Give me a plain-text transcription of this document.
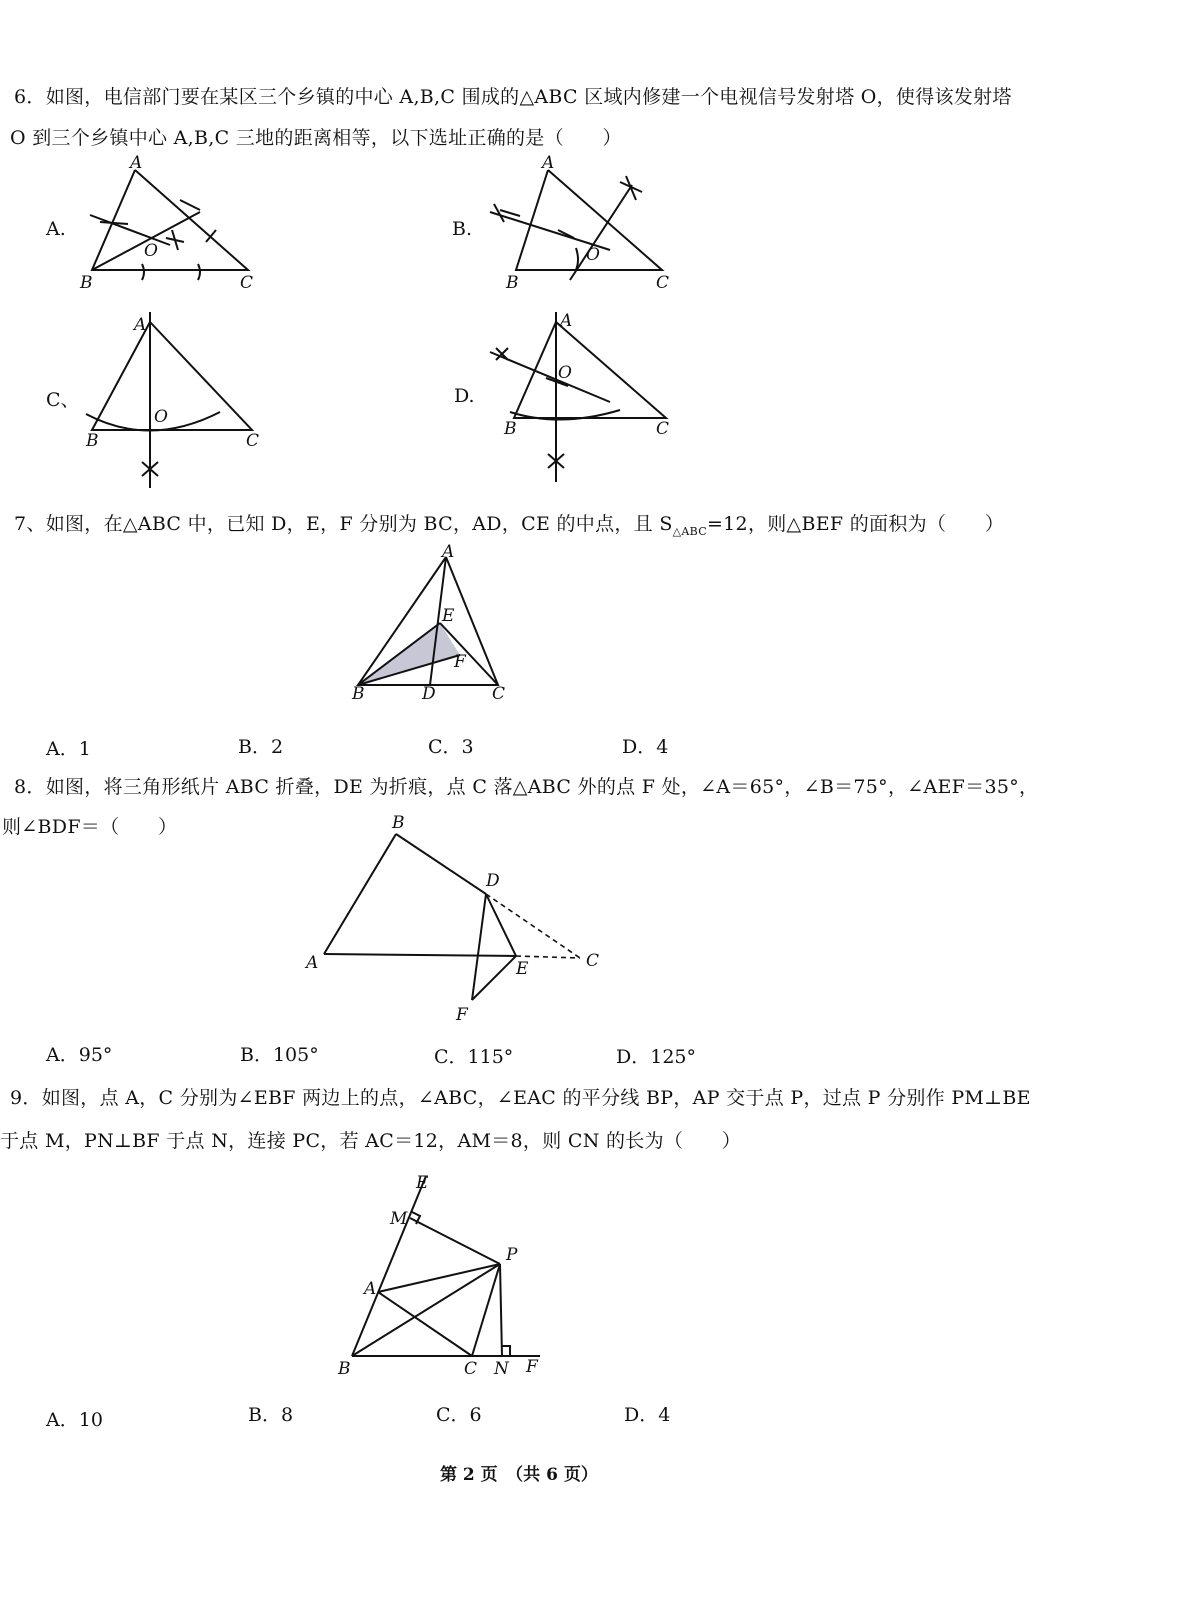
6．如图，电信部门要在某区三个乡镇的中心 A,B,C 围成的△ABC 区域内修建一个电视信号发射塔 O，使得该发射塔
O 到三个乡镇中心 A,B,C 三地的距离相等，以下选址正确的是（　　）
A.	B.
C、	D.
A
B	C
O
A
B	C
O
A
B	C
O
A
B	C
O
7、如图，在△ABC 中，已知 D，E，F 分别为 BC，AD，CE 的中点，且 $S_{\triangle ABC}=12$，则△BEF 的面积为（　　）
A
B	C
D
E
F
A．1	B．2	C．3	D．4
8．如图，将三角形纸片 ABC 折叠，DE 为折痕，点 C 落△ABC 外的点 F 处，∠A＝65°，∠B＝75°，∠AEF＝35°，
则∠BDF＝（　　）	B
A
D
E	C
F
A．95°	B．105°	C．115°	D．125°
9．如图，点 A，C 分别为∠EBF 两边上的点，∠ABC，∠EAC 的平分线 BP，AP 交于点 P，过点 P 分别作 PM⊥BE
于点 M，PN⊥BF 于点 N，连接 PC，若 AC＝12，AM＝8，则 CN 的长为（　　）
E
M
P
A
B	C N F
A．10	B．8	C．6	D．4
第 2 页　（共 6 页）
